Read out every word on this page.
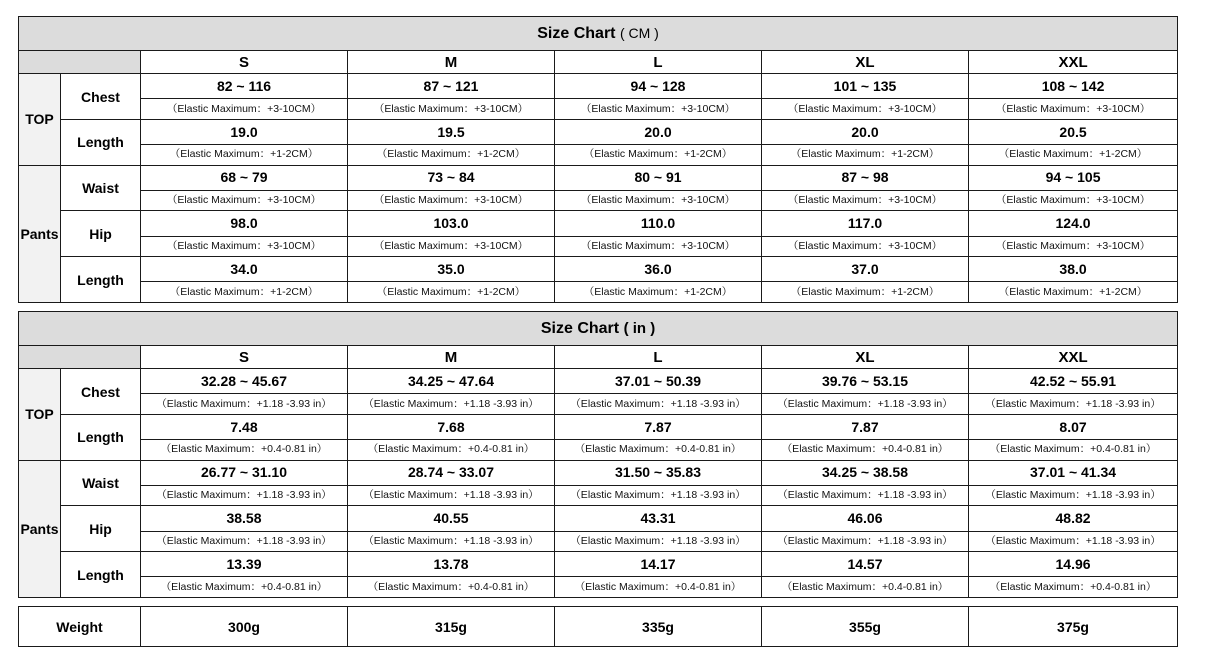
Size Chart ( CM )						
		S	M	L	XL	XXL
TOP	Chest	82 ~ 116	87 ~ 121	94 ~ 128	101 ~ 135	108 ~ 142
		（Elastic Maximum：+3-10CM）	（Elastic Maximum：+3-10CM）	（Elastic Maximum：+3-10CM）	（Elastic Maximum：+3-10CM）	（Elastic Maximum：+3-10CM）
	Length	19.0	19.5	20.0	20.0	20.5
		（Elastic Maximum：+1-2CM）	（Elastic Maximum：+1-2CM）	（Elastic Maximum：+1-2CM）	（Elastic Maximum：+1-2CM）	（Elastic Maximum：+1-2CM）
Pants	Waist	68 ~ 79	73 ~ 84	80 ~ 91	87 ~ 98	94 ~ 105
		（Elastic Maximum：+3-10CM）	（Elastic Maximum：+3-10CM）	（Elastic Maximum：+3-10CM）	（Elastic Maximum：+3-10CM）	（Elastic Maximum：+3-10CM）
	Hip	98.0	103.0	110.0	117.0	124.0
		（Elastic Maximum：+3-10CM）	（Elastic Maximum：+3-10CM）	（Elastic Maximum：+3-10CM）	（Elastic Maximum：+3-10CM）	（Elastic Maximum：+3-10CM）
	Length	34.0	35.0	36.0	37.0	38.0
		（Elastic Maximum：+1-2CM）	（Elastic Maximum：+1-2CM）	（Elastic Maximum：+1-2CM）	（Elastic Maximum：+1-2CM）	（Elastic Maximum：+1-2CM）
Size Chart ( in )						
		S	M	L	XL	XXL
TOP	Chest	32.28 ~ 45.67	34.25 ~ 47.64	37.01 ~ 50.39	39.76 ~ 53.15	42.52 ~ 55.91
		（Elastic Maximum：+1.18 -3.93 in）	（Elastic Maximum：+1.18 -3.93 in）	（Elastic Maximum：+1.18 -3.93 in）	（Elastic Maximum：+1.18 -3.93 in）	（Elastic Maximum：+1.18 -3.93 in）
	Length	7.48	7.68	7.87	7.87	8.07
		（Elastic Maximum：+0.4-0.81 in）	（Elastic Maximum：+0.4-0.81 in）	（Elastic Maximum：+0.4-0.81 in）	（Elastic Maximum：+0.4-0.81 in）	（Elastic Maximum：+0.4-0.81 in）
Pants	Waist	26.77 ~ 31.10	28.74 ~ 33.07	31.50 ~ 35.83	34.25 ~ 38.58	37.01 ~ 41.34
		（Elastic Maximum：+1.18 -3.93 in）	（Elastic Maximum：+1.18 -3.93 in）	（Elastic Maximum：+1.18 -3.93 in）	（Elastic Maximum：+1.18 -3.93 in）	（Elastic Maximum：+1.18 -3.93 in）
	Hip	38.58	40.55	43.31	46.06	48.82
		（Elastic Maximum：+1.18 -3.93 in）	（Elastic Maximum：+1.18 -3.93 in）	（Elastic Maximum：+1.18 -3.93 in）	（Elastic Maximum：+1.18 -3.93 in）	（Elastic Maximum：+1.18 -3.93 in）
	Length	13.39	13.78	14.17	14.57	14.96
		（Elastic Maximum：+0.4-0.81 in）	（Elastic Maximum：+0.4-0.81 in）	（Elastic Maximum：+0.4-0.81 in）	（Elastic Maximum：+0.4-0.81 in）	（Elastic Maximum：+0.4-0.81 in）
Weight	300g	315g	335g	355g	375g
